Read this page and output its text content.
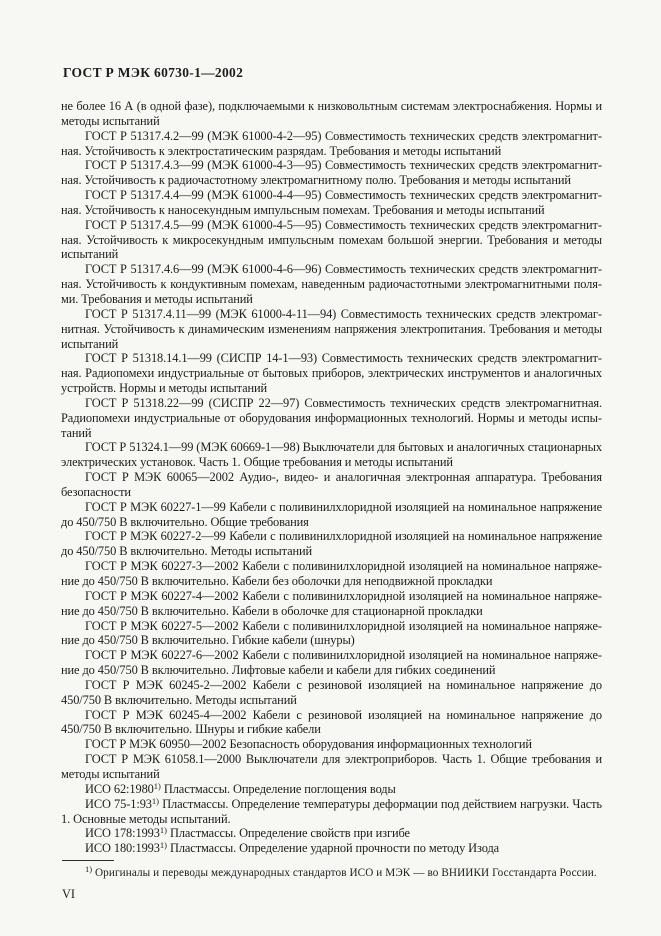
ГОСТ Р МЭК 60730-1—2002

не более 16 А (в одной фазе), подключаемыми к низковольтным системам электроснабжения. Нормы и методы испытаний

ГОСТ Р 51317.4.2—99 (МЭК 61000-4-2—95) Совместимость технических средств электромагнитная. Устойчивость к электростатическим разрядам. Требования и методы испытаний

ГОСТ Р 51317.4.3—99 (МЭК 61000-4-3—95) Совместимость технических средств электромагнитная. Устойчивость к радиочастотному электромагнитному полю. Требования и методы испытаний

ГОСТ Р 51317.4.4—99 (МЭК 61000-4-4—95) Совместимость технических средств электромагнитная. Устойчивость к наносекундным импульсным помехам. Требования и методы испытаний

ГОСТ Р 51317.4.5—99 (МЭК 61000-4-5—95) Совместимость технических средств электромагнитная. Устойчивость к микросекундным импульсным помехам большой энергии. Требования и методы испытаний

ГОСТ Р 51317.4.6—99 (МЭК 61000-4-6—96) Совместимость технических средств электромагнитная. Устойчивость к кондуктивным помехам, наведенным радиочастотными электромагнитными полями. Требования и методы испытаний

ГОСТ Р 51317.4.11—99 (МЭК 61000-4-11—94) Совместимость технических средств электромагнитная. Устойчивость к динамическим изменениям напряжения электропитания. Требования и методы испытаний

ГОСТ Р 51318.14.1—99 (СИСПР 14-1—93) Совместимость технических средств электромагнитная. Радиопомехи индустриальные от бытовых приборов, электрических инструментов и аналогичных устройств. Нормы и методы испытаний

ГОСТ Р 51318.22—99 (СИСПР 22—97) Совместимость технических средств электромагнитная. Радиопомехи индустриальные от оборудования информационных технологий. Нормы и методы испытаний

ГОСТ Р 51324.1—99 (МЭК 60669-1—98) Выключатели для бытовых и аналогичных стационарных электрических установок. Часть 1. Общие требования и методы испытаний

ГОСТ Р МЭК 60065—2002 Аудио-, видео- и аналогичная электронная аппаратура. Требования безопасности

ГОСТ Р МЭК 60227-1—99 Кабели с поливинилхлоридной изоляцией на номинальное напряжение до 450/750 В включительно. Общие требования

ГОСТ Р МЭК 60227-2—99 Кабели с поливинилхлоридной изоляцией на номинальное напряжение до 450/750 В включительно. Методы испытаний

ГОСТ Р МЭК 60227-3—2002 Кабели с поливинилхлоридной изоляцией на номинальное напряжение до 450/750 В включительно. Кабели без оболочки для неподвижной прокладки

ГОСТ Р МЭК 60227-4—2002 Кабели с поливинилхлоридной изоляцией на номинальное напряжение до 450/750 В включительно. Кабели в оболочке для стационарной прокладки

ГОСТ Р МЭК 60227-5—2002 Кабели с поливинилхлоридной изоляцией на номинальное напряжение до 450/750 В включительно. Гибкие кабели (шнуры)

ГОСТ Р МЭК 60227-6—2002 Кабели с поливинилхлоридной изоляцией на номинальное напряжение до 450/750 В включительно. Лифтовые кабели и кабели для гибких соединений

ГОСТ Р МЭК 60245-2—2002 Кабели с резиновой изоляцией на номинальное напряжение до 450/750 В включительно. Методы испытаний

ГОСТ Р МЭК 60245-4—2002 Кабели с резиновой изоляцией на номинальное напряжение до 450/750 В включительно. Шнуры и гибкие кабели

ГОСТ Р МЭК 60950—2002 Безопасность оборудования информационных технологий

ГОСТ Р МЭК 61058.1—2000 Выключатели для электроприборов. Часть 1. Общие требования и методы испытаний

ИСО 62:1980$^{1)}$ Пластмассы. Определение поглощения воды

ИСО 75-1:93$^{1)}$ Пластмассы. Определение температуры деформации под действием нагрузки. Часть 1. Основные методы испытаний.

ИСО 178:1993$^{1)}$ Пластмассы. Определение свойств при изгибе

ИСО 180:1993$^{1)}$ Пластмассы. Определение ударной прочности по методу Изода

$^{1)}$ Оригиналы и переводы международных стандартов ИСО и МЭК — во ВНИИКИ Госстандарта России.

VI
